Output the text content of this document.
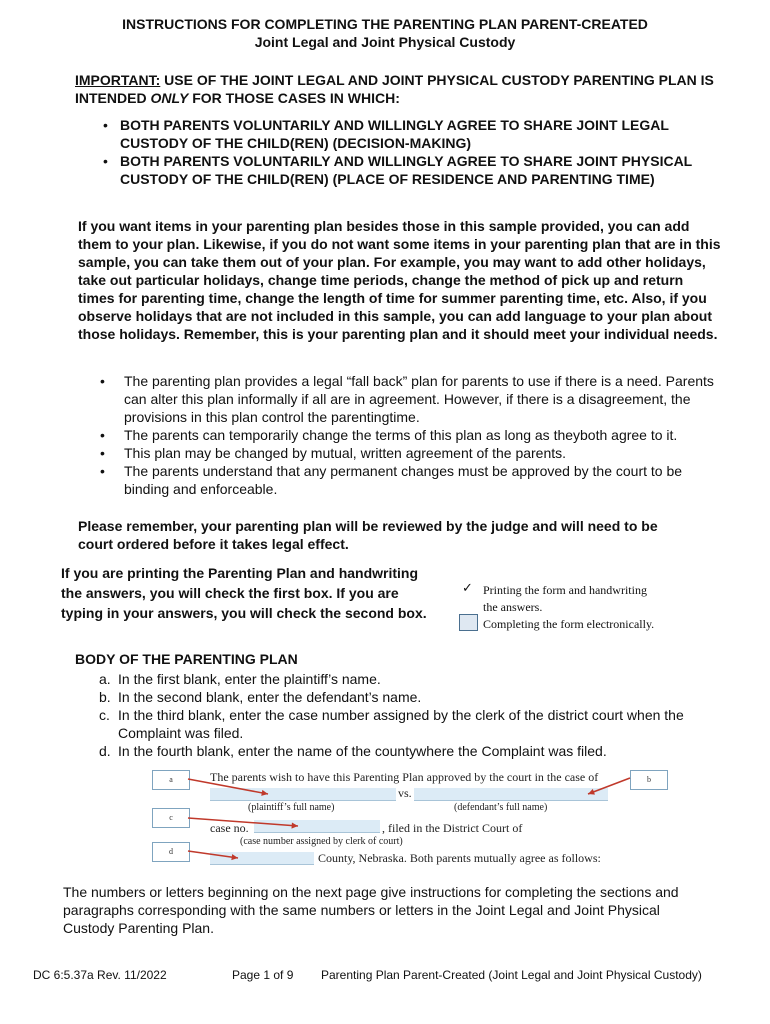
INSTRUCTIONS FOR COMPLETING THE PARENTING PLAN PARENT-CREATED
Joint Legal and Joint Physical Custody
IMPORTANT: USE OF THE JOINT LEGAL AND JOINT PHYSICAL CUSTODY PARENTING PLAN IS INTENDED ONLY FOR THOSE CASES IN WHICH:
• BOTH PARENTS VOLUNTARILY AND WILLINGLY AGREE TO SHARE JOINT LEGAL CUSTODY OF THE CHILD(REN) (DECISION-MAKING)
• BOTH PARENTS VOLUNTARILY AND WILLINGLY AGREE TO SHARE JOINT PHYSICAL CUSTODY OF THE CHILD(REN) (PLACE OF RESIDENCE AND PARENTING TIME)
If you want items in your parenting plan besides those in this sample provided, you can add them to your plan. Likewise, if you do not want some items in your parenting plan that are in this sample, you can take them out of your plan. For example, you may want to add other holidays, take out particular holidays, change time periods, change the method of pick up and return times for parenting time, change the length of time for summer parenting time, etc. Also, if you observe holidays that are not included in this sample, you can add language to your plan about those holidays. Remember, this is your parenting plan and it should meet your individual needs.
• The parenting plan provides a legal “fall back” plan for parents to use if there is a need. Parents can alter this plan informally if all are in agreement. However, if there is a disagreement, the provisions in this plan control the parentingtime.
• The parents can temporarily change the terms of this plan as long as theyboth agree to it.
• This plan may be changed by mutual, written agreement of the parents.
• The parents understand that any permanent changes must be approved by the court to be binding and enforceable.
Please remember, your parenting plan will be reviewed by the judge and will need to be court ordered before it takes legal effect.
If you are printing the Parenting Plan and handwriting the answers, you will check the first box. If you are typing in your answers, you will check the second box.
✓ Printing the form and handwriting
the answers.
Completing the form electronically.
BODY OF THE PARENTING PLAN
a. In the first blank, enter the plaintiff’s name.
b. In the second blank, enter the defendant’s name.
c. In the third blank, enter the case number assigned by the clerk of the district court when the Complaint was filed.
d. In the fourth blank, enter the name of the countywhere the Complaint was filed.
a	b
c
d
The parents wish to have this Parenting Plan approved by the court in the case of
vs.
(plaintiff’s full name)	(defendant’s full name)
case no.	, filed in the District Court of
(case number assigned by clerk of court)
County, Nebraska. Both parents mutually agree as follows:
The numbers or letters beginning on the next page give instructions for completing the sections and paragraphs corresponding with the same numbers or letters in the Joint Legal and Joint Physical Custody Parenting Plan.
DC 6:5.37a Rev. 11/2022	Page 1 of 9 Parenting Plan Parent-Created (Joint Legal and Joint Physical Custody)
